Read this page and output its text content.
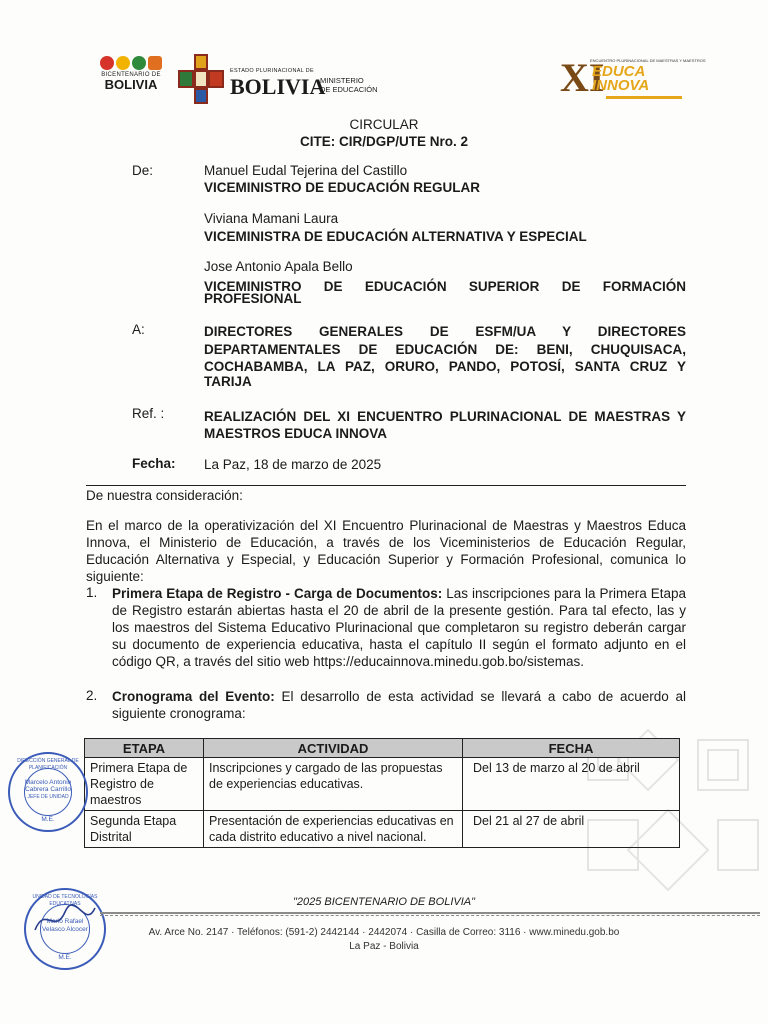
BICENTENARIO DE
BOLIVIA
ESTADO PLURINACIONAL DE
BOLIVIA
MINISTERIO
DE EDUCACIÓN	XI
ENCUENTRO PLURINACIONAL DE MAESTRAS Y MAESTROS
EDUCA
INNOVA
CIRCULAR
CITE: CIR/DGP/UTE Nro. 2
De:	Manuel Eudal Tejerina del Castillo
VICEMINISTRO DE EDUCACIÓN REGULAR
Viviana Mamani Laura
VICEMINISTRA DE EDUCACIÓN ALTERNATIVA Y ESPECIAL
Jose Antonio Apala Bello
VICEMINISTRO DE EDUCACIÓN SUPERIOR DE FORMACIÓN
PROFESIONAL
A:	DIRECTORES GENERALES DE ESFM/UA Y DIRECTORES
DEPARTAMENTALES DE EDUCACIÓN DE: BENI, CHUQUISACA,
COCHABAMBA, LA PAZ, ORURO, PANDO, POTOSÍ, SANTA CRUZ Y
TARIJA
Ref. :	REALIZACIÓN DEL XI ENCUENTRO PLURINACIONAL DE MAESTRAS Y
MAESTROS EDUCA INNOVA
Fecha: La Paz, 18 de marzo de 2025
De nuestra consideración:
En el marco de la operativización del XI Encuentro Plurinacional de Maestras y Maestros Educa Innova, el Ministerio de Educación, a través de los Viceministerios de Educación Regular, Educación Alternativa y Especial, y Educación Superior y Formación Profesional, comunica lo siguiente:
1. Primera Etapa de Registro - Carga de Documentos: Las inscripciones para la Primera Etapa de Registro estarán abiertas hasta el 20 de abril de la presente gestión. Para tal efecto, las y los maestros del Sistema Educativo Plurinacional que completaron su registro deberán cargar su documento de experiencia educativa, hasta el capítulo II según el formato adjunto en el código QR, a través del sitio web https://educainnova.minedu.gob.bo/sistemas.
2. Cronograma del Evento: El desarrollo de esta actividad se llevará a cabo de acuerdo al siguiente cronograma:
ETAPA	ACTIVIDAD	FECHA
Primera Etapa de Registro de maestros	Inscripciones y cargado de las propuestas de experiencias educativas.	Del 13 de marzo al 20 de abril
Segunda Etapa Distrital	Presentación de experiencias educativas en cada distrito educativo a nivel nacional.	Del 21 al 27 de abril
DIRECCIÓN GENERAL DE PLANIFICACIÓN
Marcelo Antonio
Cabrera Carrillo
JEFE DE UNIDAD
M.E.
UNIDAD DE TECNOLOGÍAS EDUCATIVAS
Mario Rafael
Velasco Alcocer
M.E.
"2025 BICENTENARIO DE BOLIVIA"
Av. Arce No. 2147 · Teléfonos: (591-2) 2442144 · 2442074 · Casilla de Correo: 3116 · www.minedu.gob.bo
La Paz - Bolivia
